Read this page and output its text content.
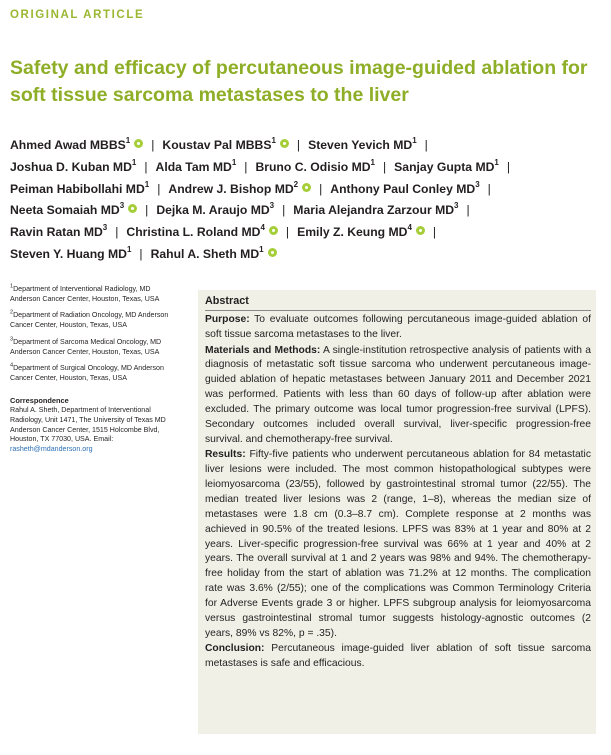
ORIGINAL ARTICLE
Safety and efficacy of percutaneous image-guided ablation for soft tissue sarcoma metastases to the liver
Ahmed Awad MBBS$^1$ | Koustav Pal MBBS$^1$ | Steven Yevich $MD^1$ |
Joshua D. Kuban $MD^1$ | Alda Tam $MD^1$ | Bruno C. Odisio $MD^1$ | Sanjay Gupta $MD^1$ |
Peiman Habibollahi $MD^1$ | Andrew J. Bishop $MD^2$ | Anthony Paul Conley $MD^3$ |
Neeta Somaiah $MD^3$ | Dejka M. Araujo $MD^3$ | Maria Alejandra Zarzour $MD^3$ |
Ravin Ratan $MD^3$ | Christina L. Roland $MD^4$ | Emily Z. Keung $MD^4$ |
Steven Y. Huang $MD^1$ | Rahul A. Sheth $MD^1$
$^1$Department of Interventional Radiology, MD Anderson Cancer Center, Houston, Texas, USA
$^2$Department of Radiation Oncology, MD Anderson Cancer Center, Houston, Texas, USA
$^3$Department of Sarcoma Medical Oncology, MD Anderson Cancer Center, Houston, Texas, USA
$^4$Department of Surgical Oncology, MD Anderson Cancer Center, Houston, Texas, USA
Correspondence
Rahul A. Sheth, Department of Interventional Radiology, Unit 1471, The University of Texas MD Anderson Cancer Center, 1515 Holcombe Blvd, Houston, TX 77030, USA. Email: rasheth@mdanderson.org
Abstract

Purpose: To evaluate outcomes following percutaneous image-guided ablation of soft tissue sarcoma metastases to the liver.

Materials and Methods: A single-institution retrospective analysis of patients with a diagnosis of metastatic soft tissue sarcoma who underwent percutaneous image-guided ablation of hepatic metastases between January 2011 and December 2021 was performed. Patients with less than 60 days of follow-up after ablation were excluded. The primary outcome was local tumor progression-free survival (LPFS). Secondary outcomes included overall survival, liver-specific progression-free survival. and chemotherapy-free survival.

Results: Fifty-five patients who underwent percutaneous ablation for 84 metastatic liver lesions were included. The most common histopathological subtypes were leiomyosarcoma (23/55), followed by gastrointestinal stromal tumor (22/55). The median treated liver lesions was 2 (range, 1–8), whereas the median size of metastases were 1.8 cm (0.3–8.7 cm). Complete response at 2 months was achieved in 90.5% of the treated lesions. LPFS was 83% at 1 year and 80% at 2 years. Liver-specific progression-free survival was 66% at 1 year and 40% at 2 years. The overall survival at 1 and 2 years was 98% and 94%. The chemotherapy-free holiday from the start of ablation was 71.2% at 12 months. The complication rate was 3.6% (2/55); one of the complications was Common Terminology Criteria for Adverse Events grade 3 or higher. LPFS subgroup analysis for leiomyosarcoma versus gastrointestinal stromal tumor suggests histology-agnostic outcomes (2 years, 89% vs 82%, p = .35).

Conclusion: Percutaneous image-guided liver ablation of soft tissue sarcoma metastases is safe and efficacious.
